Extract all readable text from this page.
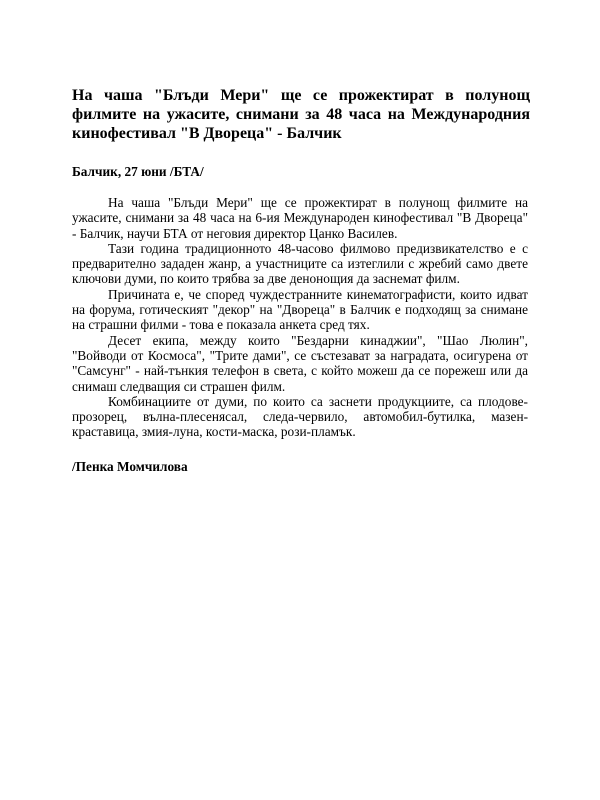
На чаша "Блъди Мери" ще се прожектират в полунощ филмите на ужасите, снимани за 48 часа на Международния кинофестивал "В Двореца" - Балчик

Балчик, 27 юни /БТА/

На чаша "Блъди Мери" ще се прожектират в полунощ филмите на ужасите, снимани за 48 часа на 6-ия Международен кинофестивал "В Двореца" - Балчик, научи БТА от неговия директор Цанко Василев.

Тази година традиционното 48-часово филмово предизвикателство е с предварително зададен жанр, а участниците са изтеглили с жребий само двете ключови думи, по които трябва за две денонощия да заснемат филм.

Причината е, че според чуждестранните кинематографисти, които идват на форума, готическият "декор" на "Двореца" в Балчик е подходящ за снимане на страшни филми - това е показала анкета сред тях.

Десет екипа, между които "Бездарни кинаджии", "Шао Люлин", "Войводи от Космоса", "Трите дами", се състезават за наградата, осигурена от "Самсунг" - най-тънкия телефон в света, с който можеш да се порежеш или да снимаш следващия си страшен филм.

Комбинациите от думи, по които са заснети продукциите, са плодове-прозорец, вълна-плесенясал, следа-червило, автомобил-бутилка, мазен-краставица, змия-луна, кости-маска, рози-пламък.

/Пенка Момчилова
